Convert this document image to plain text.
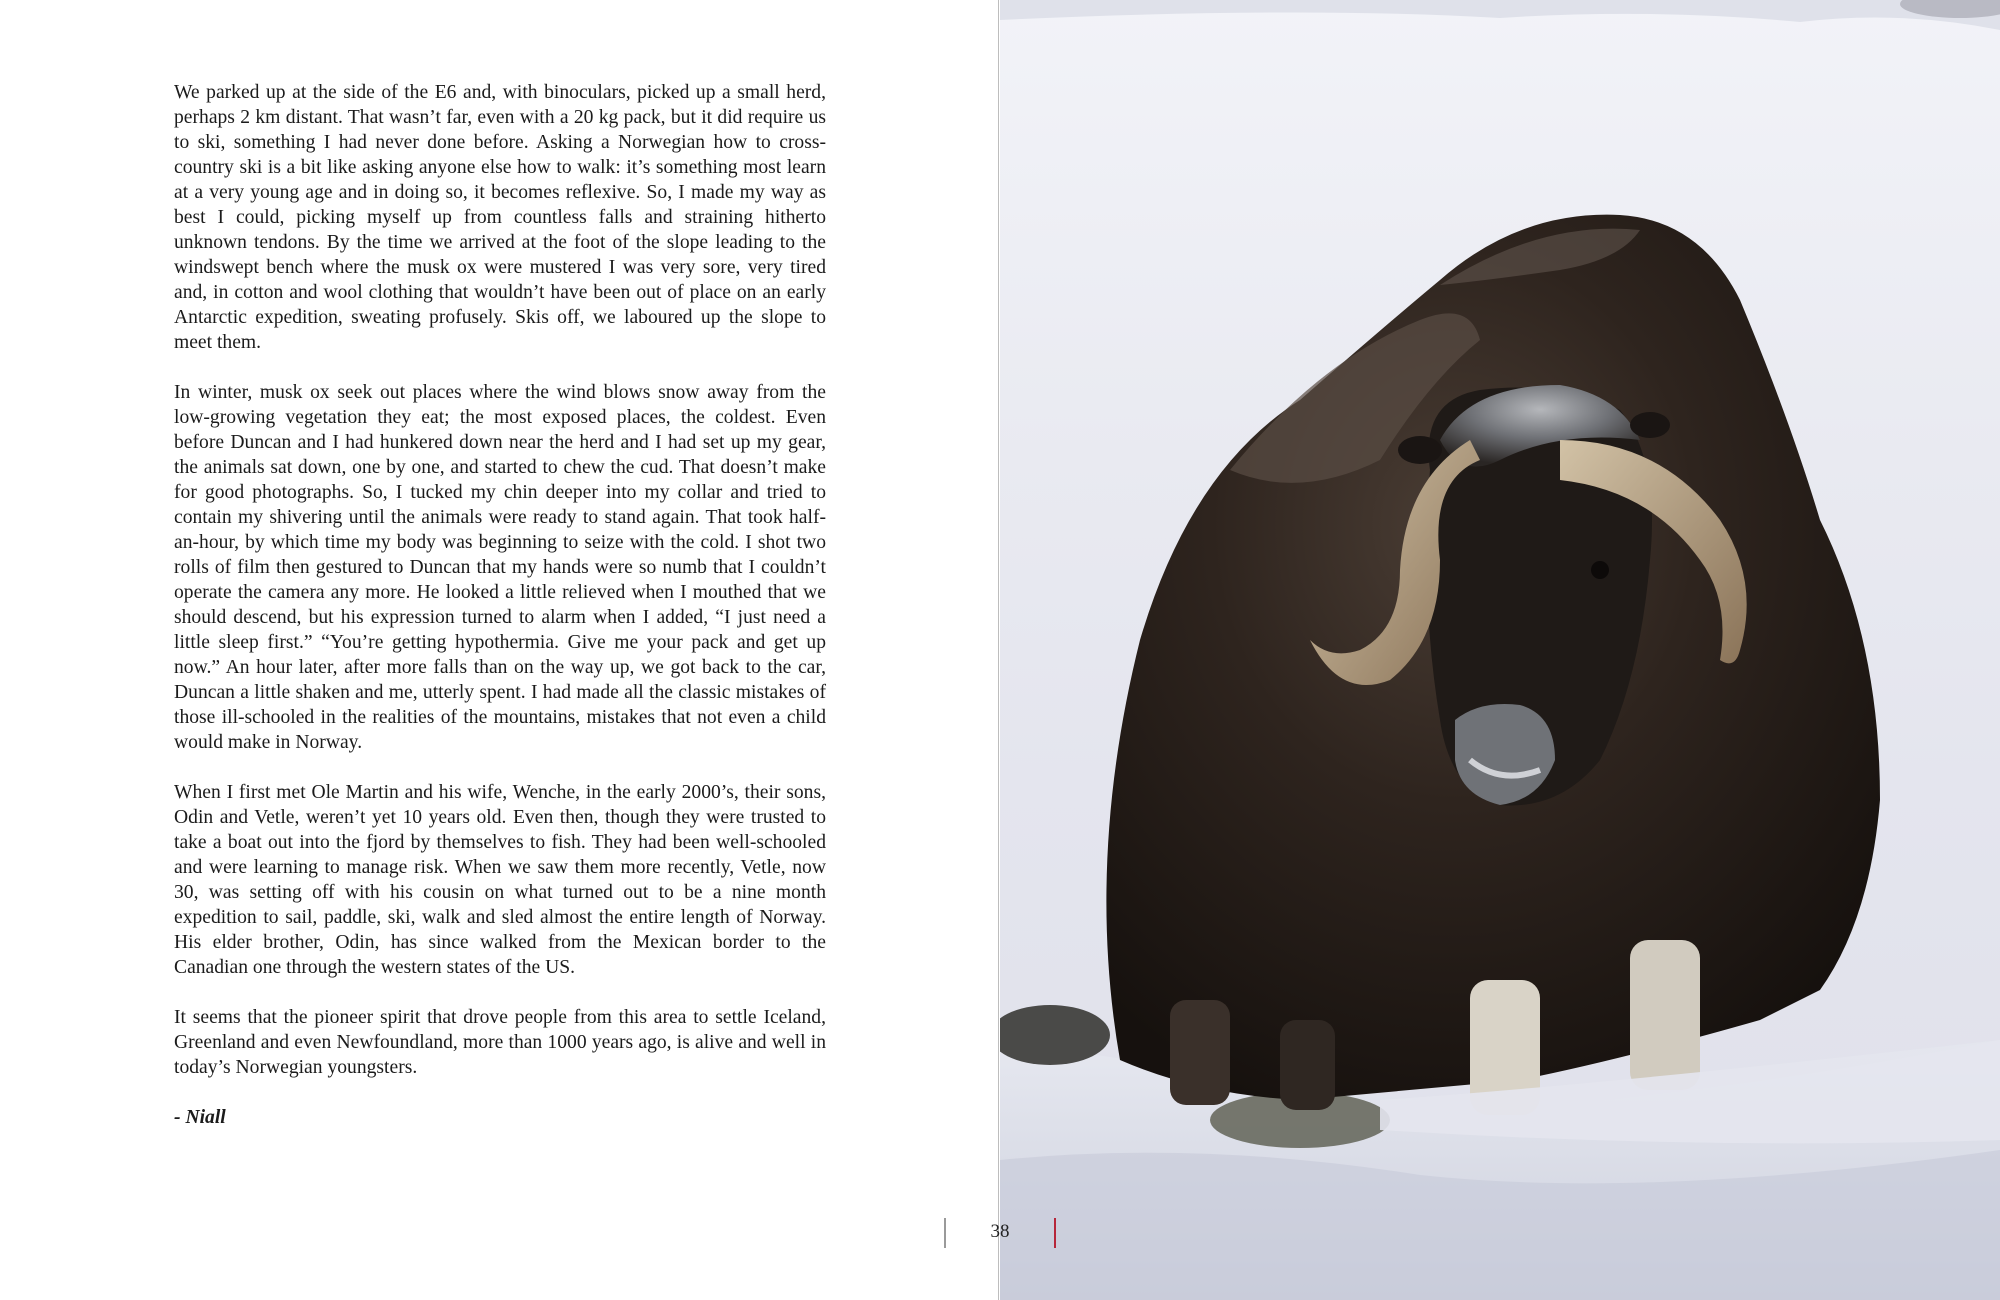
We parked up at the side of the E6 and, with binoculars, picked up a small herd, perhaps 2 km distant. That wasn’t far, even with a 20 kg pack, but it did require us to ski, something I had never done before. Asking a Norwegian how to cross-country ski is a bit like asking anyone else how to walk: it’s something most learn at a very young age and in doing so, it becomes reflexive. So, I made my way as best I could, picking myself up from countless falls and straining hitherto unknown tendons. By the time we arrived at the foot of the slope leading to the windswept bench where the musk ox were mustered I was very sore, very tired and, in cotton and wool clothing that wouldn’t have been out of place on an early Antarctic expedition, sweating profusely. Skis off, we laboured up the slope to meet them.

In winter, musk ox seek out places where the wind blows snow away from the low-growing vegetation they eat; the most exposed places, the coldest. Even before Duncan and I had hunkered down near the herd and I had set up my gear, the animals sat down, one by one, and started to chew the cud. That doesn’t make for good photographs. So, I tucked my chin deeper into my collar and tried to contain my shivering until the animals were ready to stand again. That took half-an-hour, by which time my body was beginning to seize with the cold. I shot two rolls of film then gestured to Duncan that my hands were so numb that I couldn’t operate the camera any more. He looked a little relieved when I mouthed that we should descend, but his expression turned to alarm when I added, “I just need a little sleep first.” “You’re getting hypothermia. Give me your pack and get up now.” An hour later, after more falls than on the way up, we got back to the car, Duncan a little shaken and me, utterly spent. I had made all the classic mistakes of those ill-schooled in the realities of the mountains, mistakes that not even a child would make in Norway.

When I first met Ole Martin and his wife, Wenche, in the early 2000’s, their sons, Odin and Vetle, weren’t yet 10 years old. Even then, though they were trusted to take a boat out into the fjord by themselves to fish. They had been well-schooled and were learning to manage risk. When we saw them more recently, Vetle, now 30, was setting off with his cousin on what turned out to be a nine month expedition to sail, paddle, ski, walk and sled almost the entire length of Norway. His elder brother, Odin, has since walked from the Mexican border to the Canadian one through the western states of the US.

It seems that the pioneer spirit that drove people from this area to settle Iceland, Greenland and even Newfoundland, more than 1000 years ago, is alive and well in today’s Norwegian youngsters.

- Niall

38
